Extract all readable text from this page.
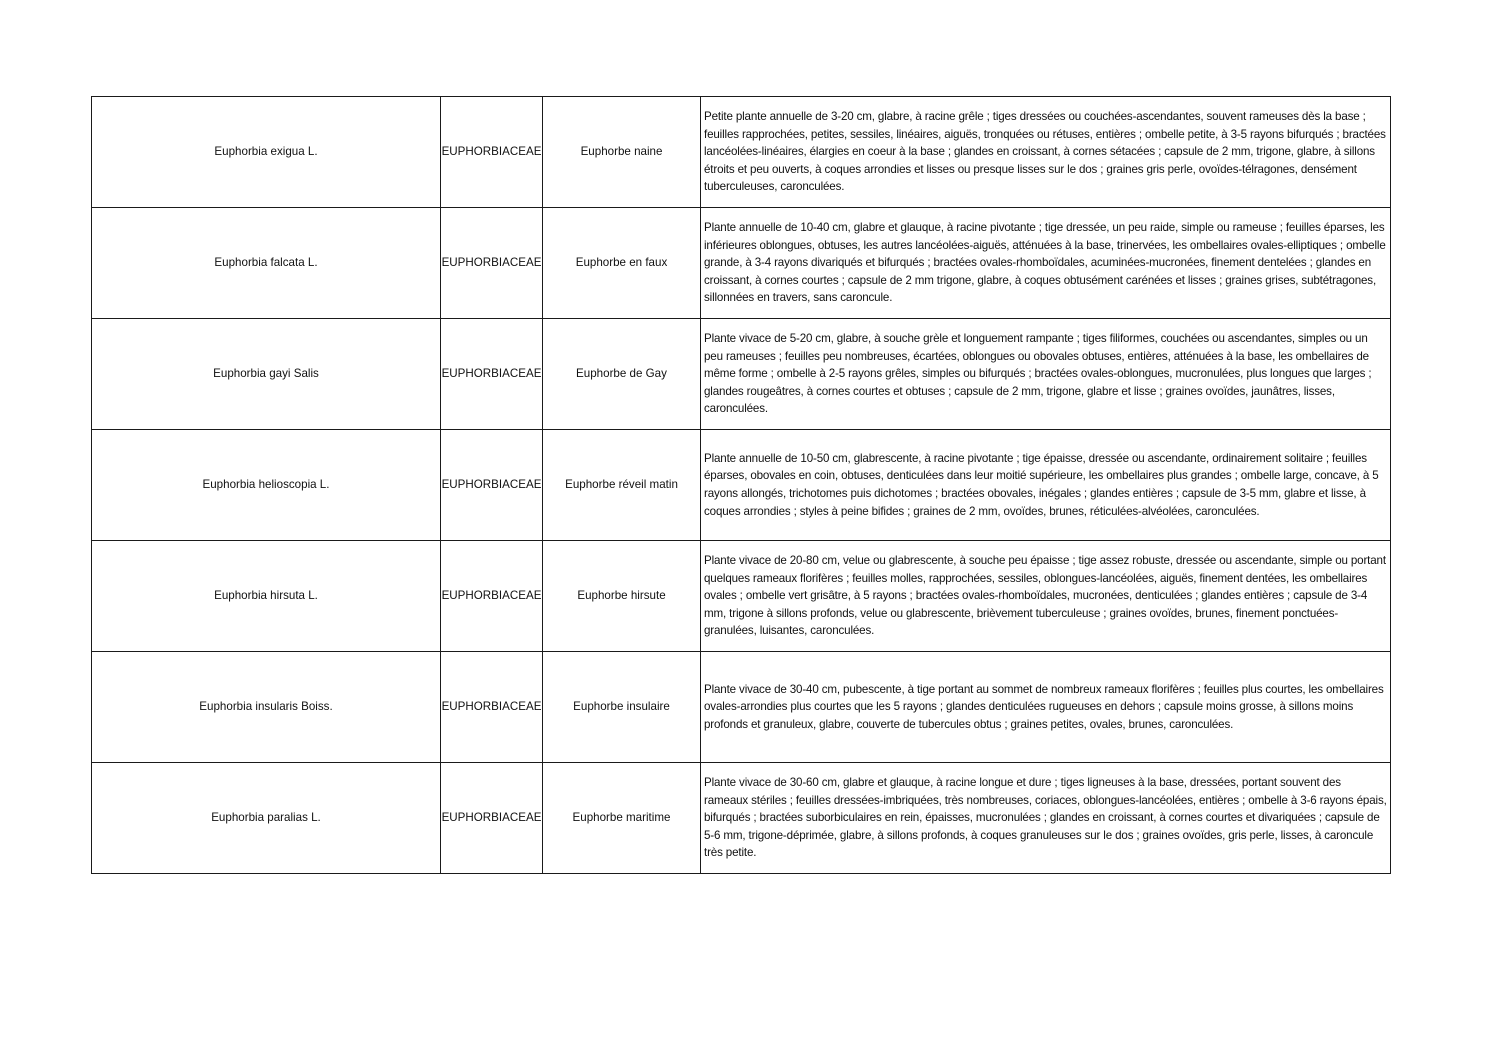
Euphorbia exigua L.	EUPHORBIACEAE	Euphorbe naine	Petite plante annuelle de 3-20 cm, glabre, à racine grêle ; tiges dressées ou couchées-ascendantes, souvent rameuses dès la base ; feuilles rapprochées, petites, sessiles, linéaires, aiguës, tronquées ou rétuses, entières ; ombelle petite, à 3-5 rayons bifurqués ; bractées lancéolées-linéaires, élargies en coeur à la base ; glandes en croissant, à cornes sétacées ; capsule de 2 mm, trigone, glabre, à sillons étroits et peu ouverts, à coques arrondies et lisses ou presque lisses sur le dos ; graines gris perle, ovoïdes-télragones, densément tuberculeuses, caronculées.
Euphorbia falcata L.	EUPHORBIACEAE	Euphorbe en faux	Plante annuelle de 10-40 cm, glabre et glauque, à racine pivotante ; tige dressée, un peu raide, simple ou rameuse ; feuilles éparses, les inférieures oblongues, obtuses, les autres lancéolées-aiguës, atténuées à la base, trinervées, les ombellaires ovales-elliptiques ; ombelle grande, à 3-4 rayons divariqués et bifurqués ; bractées ovales-rhomboïdales, acuminées-mucronées, finement dentelées ; glandes en croissant, à cornes courtes ; capsule de 2 mm trigone, glabre, à coques obtusément carénées et lisses ; graines grises, subtétragones, sillonnées en travers, sans caroncule.
Euphorbia gayi Salis	EUPHORBIACEAE	Euphorbe de Gay	Plante vivace de 5-20 cm, glabre, à souche grèle et longuement rampante ; tiges filiformes, couchées ou ascendantes, simples ou un peu rameuses ; feuilles peu nombreuses, écartées, oblongues ou obovales obtuses, entières, atténuées à la base, les ombellaires de même forme ; ombelle à 2-5 rayons grêles, simples ou bifurqués ; bractées ovales-oblongues, mucronulées, plus longues que larges ; glandes rougeâtres, à cornes courtes et obtuses ; capsule de 2 mm, trigone, glabre et lisse ; graines ovoïdes, jaunâtres, lisses, caronculées.
Euphorbia helioscopia L.	EUPHORBIACEAE	Euphorbe réveil matin	Plante annuelle de 10-50 cm, glabrescente, à racine pivotante ; tige épaisse, dressée ou ascendante, ordinairement solitaire ; feuilles éparses, obovales en coin, obtuses, denticulées dans leur moitié supérieure, les ombellaires plus grandes ; ombelle large, concave, à 5 rayons allongés, trichotomes puis dichotomes ; bractées obovales, inégales ; glandes entières ; capsule de 3-5 mm, glabre et lisse, à coques arrondies ; styles à peine bifides ; graines de 2 mm, ovoïdes, brunes, réticulées-alvéolées, caronculées.
Euphorbia hirsuta L.	EUPHORBIACEAE	Euphorbe hirsute	Plante vivace de 20-80 cm, velue ou glabrescente, à souche peu épaisse ; tige assez robuste, dressée ou ascendante, simple ou portant quelques rameaux florifères ; feuilles molles, rapprochées, sessiles, oblongues-lancéolées, aiguës, finement dentées, les ombellaires ovales ; ombelle vert grisâtre, à 5 rayons ; bractées ovales-rhomboïdales, mucronées, denticulées ; glandes entières ; capsule de 3-4 mm, trigone à sillons profonds, velue ou glabrescente, brièvement tuberculeuse ; graines ovoïdes, brunes, finement ponctuées-granulées, luisantes, caronculées.
Euphorbia insularis Boiss.	EUPHORBIACEAE	Euphorbe insulaire	Plante vivace de 30-40 cm, pubescente, à tige portant au sommet de nombreux rameaux florifères ; feuilles plus courtes, les ombellaires ovales-arrondies plus courtes que les 5 rayons ; glandes denticulées rugueuses en dehors ; capsule moins grosse, à sillons moins profonds et granuleux, glabre, couverte de tubercules obtus ; graines petites, ovales, brunes, caronculées.
Euphorbia paralias L.	EUPHORBIACEAE	Euphorbe maritime	Plante vivace de 30-60 cm, glabre et glauque, à racine longue et dure ; tiges ligneuses à la base, dressées, portant souvent des rameaux stériles ; feuilles dressées-imbriquées, très nombreuses, coriaces, oblongues-lancéolées, entières ; ombelle à 3-6 rayons épais, bifurqués ; bractées suborbiculaires en rein, épaisses, mucronulées ; glandes en croissant, à cornes courtes et divariquées ; capsule de 5-6 mm, trigone-déprimée, glabre, à sillons profonds, à coques granuleuses sur le dos ; graines ovoïdes, gris perle, lisses, à caroncule très petite.
